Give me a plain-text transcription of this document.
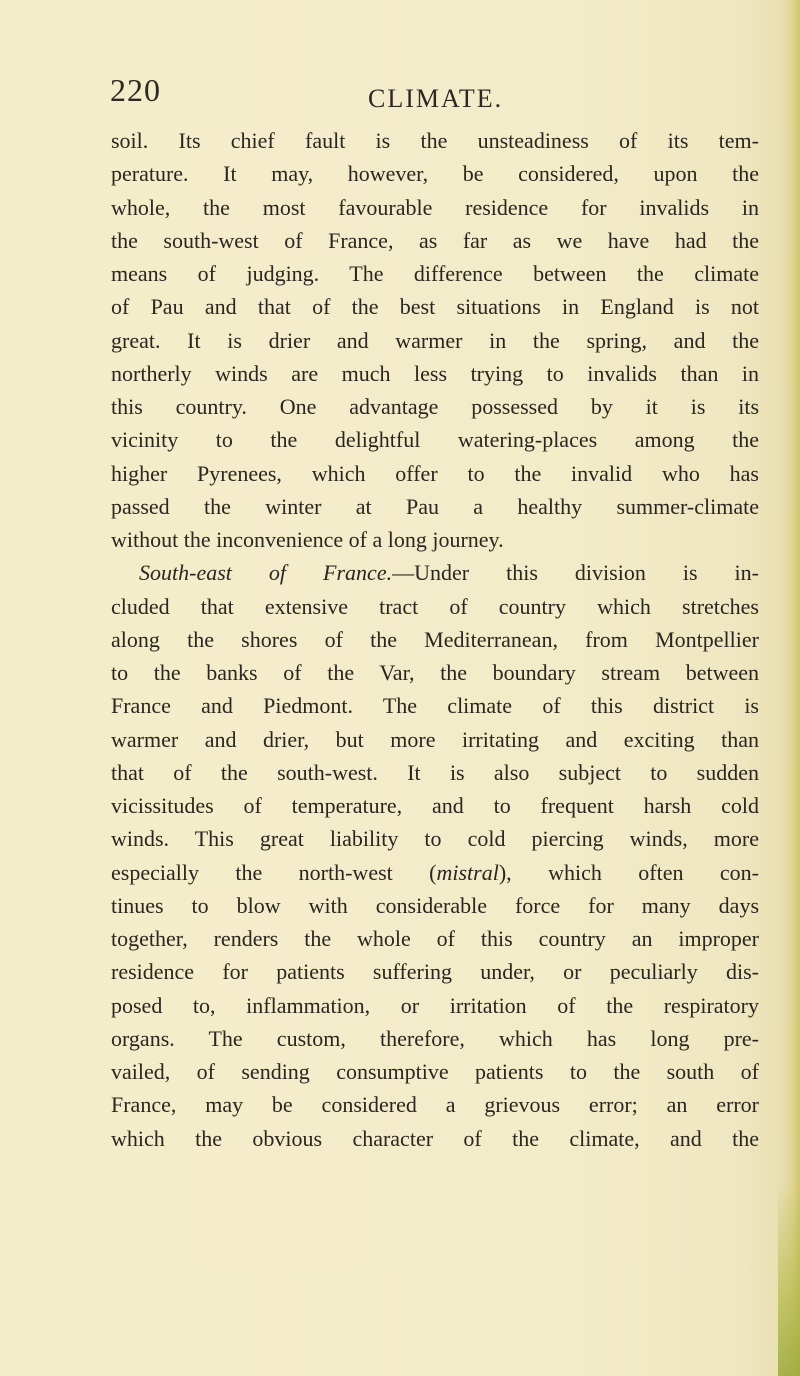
220	CLIMATE.
soil. Its chief fault is the unsteadiness of its tem-
perature. It may, however, be considered, upon the
whole, the most favourable residence for invalids in
the south-west of France, as far as we have had the
means of judging. The difference between the climate
of Pau and that of the best situations in England is not
great. It is drier and warmer in the spring, and the
northerly winds are much less trying to invalids than in
this country. One advantage possessed by it is its
vicinity to the delightful watering-places among the
higher Pyrenees, which offer to the invalid who has
passed the winter at Pau a healthy summer-climate
without the inconvenience of a long journey.
South-east of France.—Under this division is in-
cluded that extensive tract of country which stretches
along the shores of the Mediterranean, from Montpellier
to the banks of the Var, the boundary stream between
France and Piedmont. The climate of this district is
warmer and drier, but more irritating and exciting than
that of the south-west. It is also subject to sudden
vicissitudes of temperature, and to frequent harsh cold
winds. This great liability to cold piercing winds, more
especially the north-west (mistral), which often con-
tinues to blow with considerable force for many days
together, renders the whole of this country an improper
residence for patients suffering under, or peculiarly dis-
posed to, inflammation, or irritation of the respiratory
organs. The custom, therefore, which has long pre-
vailed, of sending consumptive patients to the south of
France, may be considered a grievous error; an error
which the obvious character of the climate, and the
